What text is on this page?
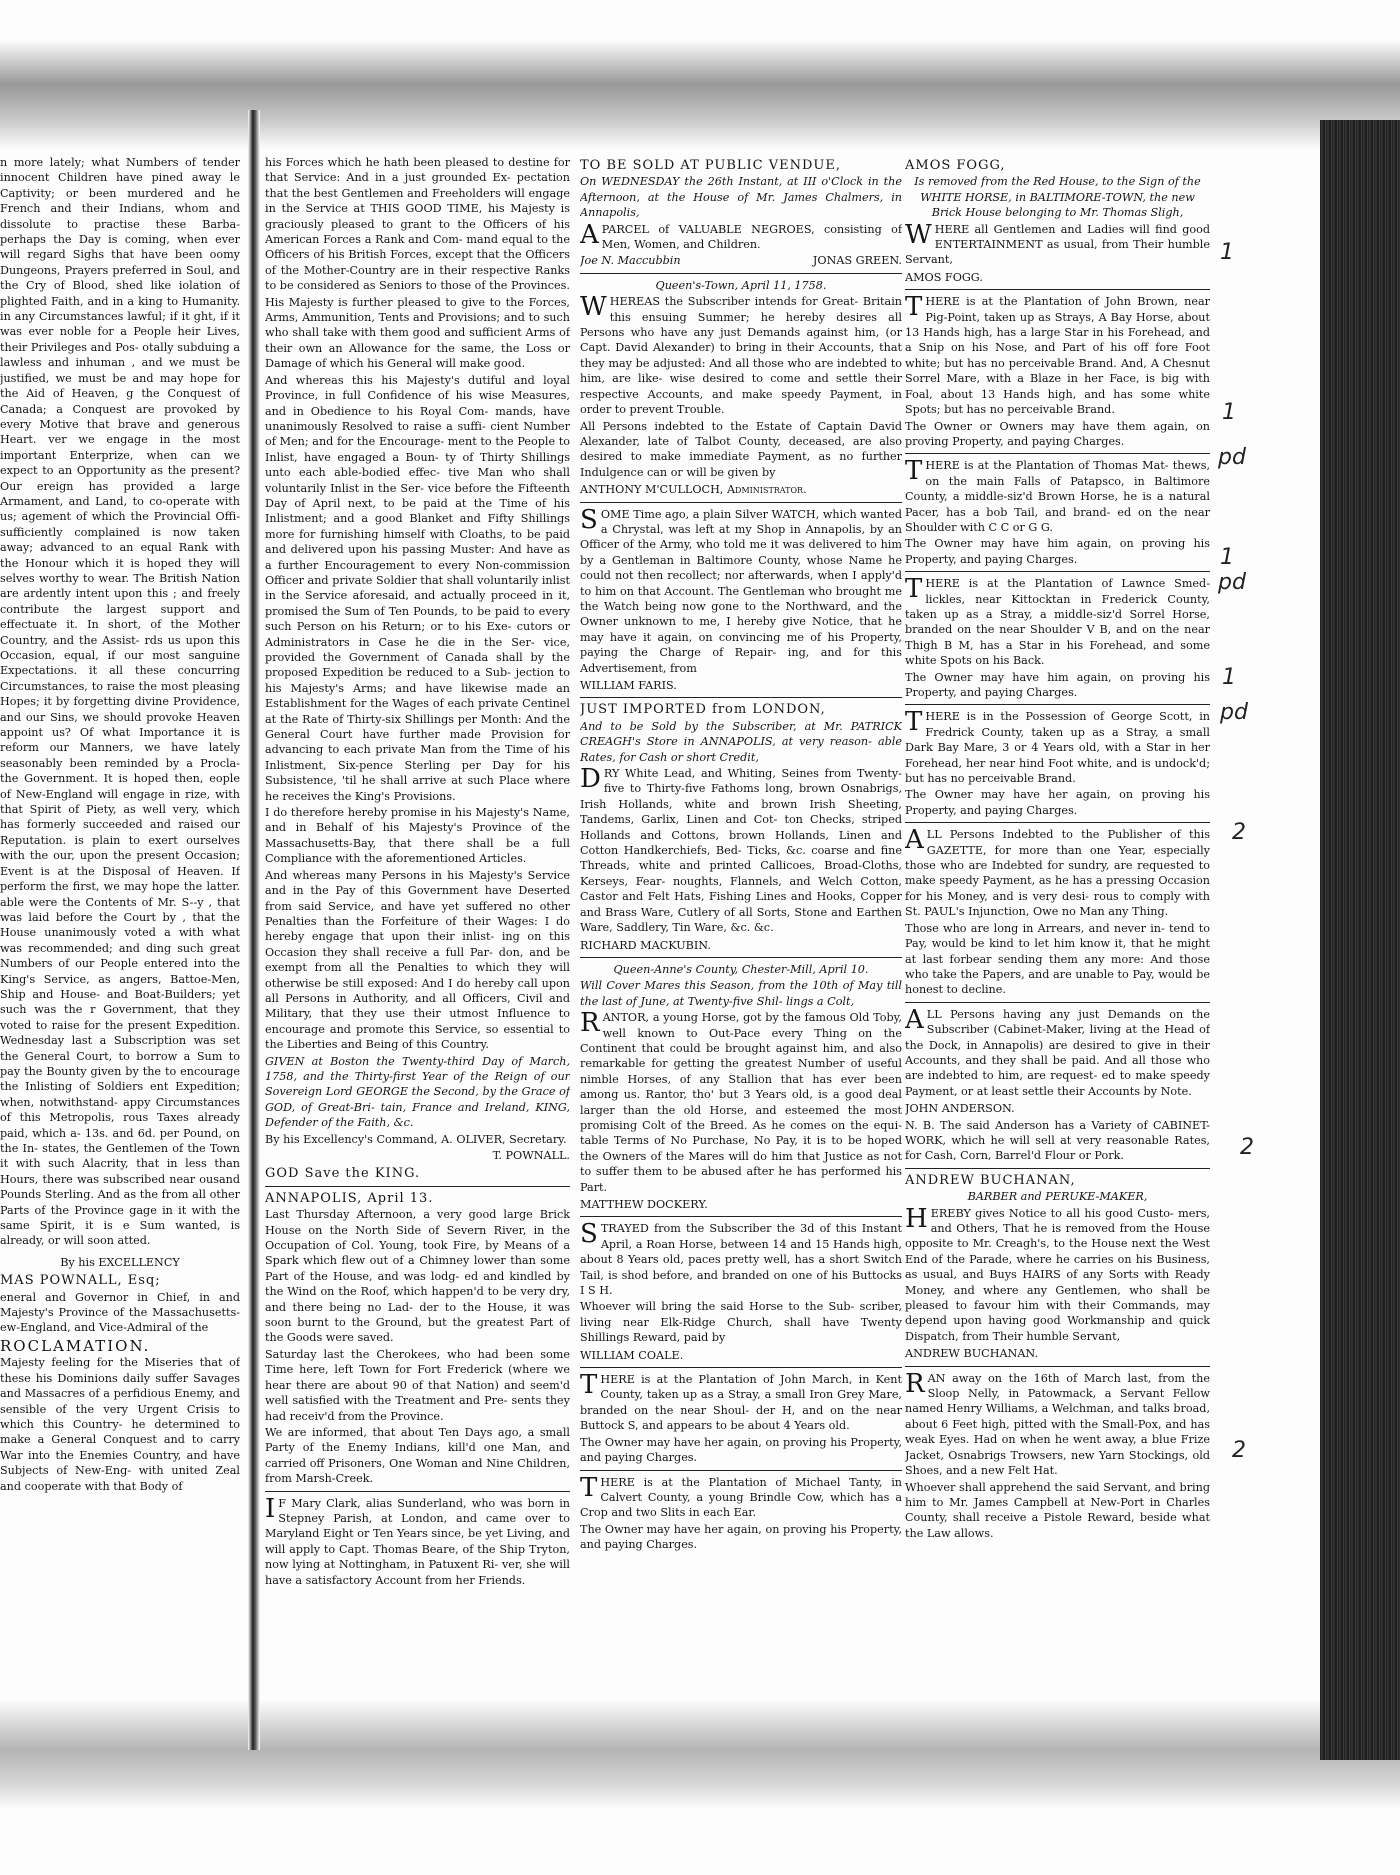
n more lately; what Numbers of tender innocent Children have pined away le Captivity; or been murdered and he French and their Indians, whom and dissolute to practise these Barba- perhaps the Day is coming, when ever will regard Sighs that have been oomy Dungeons, Prayers preferred in Soul, and the Cry of Blood, shed like iolation of plighted Faith, and in a king to Humanity. in any Circumstances lawful; if it ght, if it was ever noble for a People heir Lives, their Privileges and Pos- otally subduing a lawless and inhuman , and we must be justified, we must be and may hope for the Aid of Heaven, g the Conquest of Canada; a Conquest are provoked by every Motive that brave and generous Heart. ver we engage in the most important Enterprize, when can we expect to an Opportunity as the present? Our ereign has provided a large Armament, and Land, to co-operate with us; agement of which the Provincial Offi- sufficiently complained is now taken away; advanced to an equal Rank with the Honour which it is hoped they will selves worthy to wear. The British Nation are ardently intent upon this ; and freely contribute the largest support and effectuate it. In short, of the Mother Country, and the Assist- rds us upon this Occasion, equal, if our most sanguine Expectations. it all these concurring Circumstances, to raise the most pleasing Hopes; it by forgetting divine Providence, and our Sins, we should provoke Heaven appoint us? Of what Importance it is reform our Manners, we have lately seasonably been reminded by a Procla- the Government. It is hoped then, eople of New-England will engage in rize, with that Spirit of Piety, as well very, which has formerly succeeded and raised our Reputation. is plain to exert ourselves with the our, upon the present Occasion; Event is at the Disposal of Heaven. If perform the first, we may hope the latter. able were the Contents of Mr. S--y , that was laid before the Court by , that the House unanimously voted a with what was recommended; and ding such great Numbers of our People entered into the King's Service, as angers, Battoe-Men, Ship and House- and Boat-Builders; yet such was the r Government, that they voted to raise for the present Expedition. Wednesday last a Subscription was set the General Court, to borrow a Sum to pay the Bounty given by the to encourage the Inlisting of Soldiers ent Expedition; when, notwithstand- appy Circumstances of this Metropolis, rous Taxes already paid, which a- 13s. and 6d. per Pound, on the In- states, the Gentlemen of the Town it with such Alacrity, that in less than Hours, there was subscribed near ousand Pounds Sterling. And as the from all other Parts of the Province gage in it with the same Spirit, it is e Sum wanted, is already, or will soon atted.

By his EXCELLENCY

MAS POWNALL, Esq;

eneral and Governor in Chief, in and Majesty's Province of the Massachusetts- ew-England, and Vice-Admiral of the

ROCLAMATION.

Majesty feeling for the Miseries that of these his Dominions daily suffer Savages and Massacres of a perfidious Enemy, and sensible of the very Urgent Crisis to which this Country- he determined to make a General Conquest and to carry War into the Enemies Country, and have Subjects of New-Eng- with united Zeal and cooperate with that Body of

his Forces which he hath been pleased to destine for that Service: And in a just grounded Ex- pectation that the best Gentlemen and Freeholders will engage in the Service at THIS GOOD TIME, his Majesty is graciously pleased to grant to the Officers of his American Forces a Rank and Com- mand equal to the Officers of his British Forces, except that the Officers of the Mother-Country are in their respective Ranks to be considered as Seniors to those of the Provinces.

His Majesty is further pleased to give to the Forces, Arms, Ammunition, Tents and Provisions; and to such who shall take with them good and sufficient Arms of their own an Allowance for the same, the Loss or Damage of which his General will make good.

And whereas this his Majesty's dutiful and loyal Province, in full Confidence of his wise Measures, and in Obedience to his Royal Com- mands, have unanimously Resolved to raise a suffi- cient Number of Men; and for the Encourage- ment to the People to Inlist, have engaged a Boun- ty of Thirty Shillings unto each able-bodied effec- tive Man who shall voluntarily Inlist in the Ser- vice before the Fifteenth Day of April next, to be paid at the Time of his Inlistment; and a good Blanket and Fifty Shillings more for furnishing himself with Cloaths, to be paid and delivered upon his passing Muster: And have as a further Encouragement to every Non-commission Officer and private Soldier that shall voluntarily inlist in the Service aforesaid, and actually proceed in it, promised the Sum of Ten Pounds, to be paid to every such Person on his Return; or to his Exe- cutors or Administrators in Case he die in the Ser- vice, provided the Government of Canada shall by the proposed Expedition be reduced to a Sub- jection to his Majesty's Arms; and have likewise made an Establishment for the Wages of each private Centinel at the Rate of Thirty-six Shillings per Month: And the General Court have further made Provision for advancing to each private Man from the Time of his Inlistment, Six-pence Sterling per Day for his Subsistence, 'til he shall arrive at such Place where he receives the King's Provisions.

I do therefore hereby promise in his Majesty's Name, and in Behalf of his Majesty's Province of the Massachusetts-Bay, that there shall be a full Compliance with the aforementioned Articles.

And whereas many Persons in his Majesty's Service and in the Pay of this Government have Deserted from said Service, and have yet suffered no other Penalties than the Forfeiture of their Wages: I do hereby engage that upon their inlist- ing on this Occasion they shall receive a full Par- don, and be exempt from all the Penalties to which they will otherwise be still exposed: And I do hereby call upon all Persons in Authority, and all Officers, Civil and Military, that they use their utmost Influence to encourage and promote this Service, so essential to the Liberties and Being of this Country.

GIVEN at Boston the Twenty-third Day of March, 1758, and the Thirty-first Year of the Reign of our Sovereign Lord GEORGE the Second, by the Grace of GOD, of Great-Bri- tain, France and Ireland, KING, Defender of the Faith, &c.

By his Excellency's Command, A. OLIVER, Secretary.

T. POWNALL.

GOD Save the KING.

ANNAPOLIS, April 13.

Last Thursday Afternoon, a very good large Brick House on the North Side of Severn River, in the Occupation of Col. Young, took Fire, by Means of a Spark which flew out of a Chimney lower than some Part of the House, and was lodg- ed and kindled by the Wind on the Roof, which happen'd to be very dry, and there being no Lad- der to the House, it was soon burnt to the Ground, but the greatest Part of the Goods were saved.

Saturday last the Cherokees, who had been some Time here, left Town for Fort Frederick (where we hear there are about 90 of that Nation) and seem'd well satisfied with the Treatment and Pre- sents they had receiv'd from the Province.

We are informed, that about Ten Days ago, a small Party of the Enemy Indians, kill'd one Man, and carried off Prisoners, One Woman and Nine Children, from Marsh-Creek.

IF Mary Clark, alias Sunderland, who was born in Stepney Parish, at London, and came over to Maryland Eight or Ten Years since, be yet Living, and will apply to Capt. Thomas Beare, of the Ship Tryton, now lying at Nottingham, in Patuxent Ri- ver, she will have a satisfactory Account from her Friends.

TO BE SOLD AT PUBLIC VENDUE,

On WEDNESDAY the 26th Instant, at III o'Clock in the Afternoon, at the House of Mr. James Chalmers, in Annapolis,

APARCEL of VALUABLE NEGROES, consisting of Men, Women, and Children.

Joe N. Maccubbin	JONAS GREEN.

Queen's-Town, April 11, 1758.

WHEREAS the Subscriber intends for Great- Britain this ensuing Summer; he hereby desires all Persons who have any just Demands against him, (or Capt. David Alexander) to bring in their Accounts, that they may be adjusted: And all those who are indebted to him, are like- wise desired to come and settle their respective Accounts, and make speedy Payment, in order to prevent Trouble.

All Persons indebted to the Estate of Captain David Alexander, late of Talbot County, deceased, are also desired to make immediate Payment, as no further Indulgence can or will be given by

ANTHONY M'CULLOCH, Administrator.

SOME Time ago, a plain Silver WATCH, which wanted a Chrystal, was left at my Shop in Annapolis, by an Officer of the Army, who told me it was delivered to him by a Gentleman in Baltimore County, whose Name he could not then recollect; nor afterwards, when I apply'd to him on that Account. The Gentleman who brought me the Watch being now gone to the Northward, and the Owner unknown to me, I hereby give Notice, that he may have it again, on convincing me of his Property, paying the Charge of Repair- ing, and for this Advertisement, from

WILLIAM FARIS.

JUST IMPORTED from LONDON,

And to be Sold by the Subscriber, at Mr. PATRICK CREAGH's Store in ANNAPOLIS, at very reason- able Rates, for Cash or short Credit,

DRY White Lead, and Whiting, Seines from Twenty-five to Thirty-five Fathoms long, brown Osnabrigs, Irish Hollands, white and brown Irish Sheeting, Tandems, Garlix, Linen and Cot- ton Checks, striped Hollands and Cottons, brown Hollands, Linen and Cotton Handkerchiefs, Bed- Ticks, &c. coarse and fine Threads, white and printed Callicoes, Broad-Cloths, Kerseys, Fear- noughts, Flannels, and Welch Cotton, Castor and Felt Hats, Fishing Lines and Hooks, Copper and Brass Ware, Cutlery of all Sorts, Stone and Earthen Ware, Saddlery, Tin Ware, &c. &c.

RICHARD MACKUBIN.

Queen-Anne's County, Chester-Mill, April 10.

Will Cover Mares this Season, from the 10th of May till the last of June, at Twenty-five Shil- lings a Colt,

RANTOR, a young Horse, got by the famous Old Toby, well known to Out-Pace every Thing on the Continent that could be brought against him, and also remarkable for getting the greatest Number of useful nimble Horses, of any Stallion that has ever been among us. Rantor, tho' but 3 Years old, is a good deal larger than the old Horse, and esteemed the most promising Colt of the Breed. As he comes on the equi- table Terms of No Purchase, No Pay, it is to be hoped the Owners of the Mares will do him that Justice as not to suffer them to be abused after he has performed his Part.

MATTHEW DOCKERY.

STRAYED from the Subscriber the 3d of this Instant April, a Roan Horse, between 14 and 15 Hands high, about 8 Years old, paces pretty well, has a short Switch Tail, is shod before, and branded on one of his Buttocks I S H.

Whoever will bring the said Horse to the Sub- scriber, living near Elk-Ridge Church, shall have Twenty Shillings Reward, paid by

WILLIAM COALE.

THERE is at the Plantation of John March, in Kent County, taken up as a Stray, a small Iron Grey Mare, branded on the near Shoul- der H, and on the near Buttock S, and appears to be about 4 Years old.

The Owner may have her again, on proving his Property, and paying Charges.

THERE is at the Plantation of Michael Tanty, in Calvert County, a young Brindle Cow, which has a Crop and two Slits in each Ear.

The Owner may have her again, on proving his Property, and paying Charges.

AMOS FOGG,

Is removed from the Red House, to the Sign of the WHITE HORSE, in BALTIMORE-TOWN, the new Brick House belonging to Mr. Thomas Sligh,

WHERE all Gentlemen and Ladies will find good ENTERTAINMENT as usual, from Their humble Servant,

AMOS FOGG.

THERE is at the Plantation of John Brown, near Pig-Point, taken up as Strays, A Bay Horse, about 13 Hands high, has a large Star in his Forehead, and a Snip on his Nose, and Part of his off fore Foot white; but has no perceivable Brand. And, A Chesnut Sorrel Mare, with a Blaze in her Face, is big with Foal, about 13 Hands high, and has some white Spots; but has no perceivable Brand.

The Owner or Owners may have them again, on proving Property, and paying Charges.

THERE is at the Plantation of Thomas Mat- thews, on the main Falls of Patapsco, in Baltimore County, a middle-siz'd Brown Horse, he is a natural Pacer, has a bob Tail, and brand- ed on the near Shoulder with C C or G G.

The Owner may have him again, on proving his Property, and paying Charges.

THERE is at the Plantation of Lawnce Smed- lickles, near Kittocktan in Frederick County, taken up as a Stray, a middle-siz'd Sorrel Horse, branded on the near Shoulder V B, and on the near Thigh B M, has a Star in his Forehead, and some white Spots on his Back.

The Owner may have him again, on proving his Property, and paying Charges.

THERE is in the Possession of George Scott, in Fredrick County, taken up as a Stray, a small Dark Bay Mare, 3 or 4 Years old, with a Star in her Forehead, her near hind Foot white, and is undock'd; but has no perceivable Brand.

The Owner may have her again, on proving his Property, and paying Charges.

ALL Persons Indebted to the Publisher of this GAZETTE, for more than one Year, especially those who are Indebted for sundry, are requested to make speedy Payment, as he has a pressing Occasion for his Money, and is very desi- rous to comply with St. PAUL's Injunction, Owe no Man any Thing.

Those who are long in Arrears, and never in- tend to Pay, would be kind to let him know it, that he might at last forbear sending them any more: And those who take the Papers, and are unable to Pay, would be honest to decline.

ALL Persons having any just Demands on the Subscriber (Cabinet-Maker, living at the Head of the Dock, in Annapolis) are desired to give in their Accounts, and they shall be paid. And all those who are indebted to him, are request- ed to make speedy Payment, or at least settle their Accounts by Note.

JOHN ANDERSON.

N. B. The said Anderson has a Variety of CABINET-WORK, which he will sell at very reasonable Rates, for Cash, Corn, Barrel'd Flour or Pork.

ANDREW BUCHANAN,

BARBER and PERUKE-MAKER,

HEREBY gives Notice to all his good Custo- mers, and Others, That he is removed from the House opposite to Mr. Creagh's, to the House next the West End of the Parade, where he carries on his Business, as usual, and Buys HAIRS of any Sorts with Ready Money, and where any Gentlemen, who shall be pleased to favour him with their Commands, may depend upon having good Workmanship and quick Dispatch, from Their humble Servant,

ANDREW BUCHANAN.

RAN away on the 16th of March last, from the Sloop Nelly, in Patowmack, a Servant Fellow named Henry Williams, a Welchman, and talks broad, about 6 Feet high, pitted with the Small-Pox, and has weak Eyes. Had on when he went away, a blue Frize Jacket, Osnabrigs Trowsers, new Yarn Stockings, old Shoes, and a new Felt Hat.

Whoever shall apprehend the said Servant, and bring him to Mr. James Campbell at New-Port in Charles County, shall receive a Pistole Reward, beside what the Law allows.

1
1
pd
1
pd
1
pd
2
2
2
